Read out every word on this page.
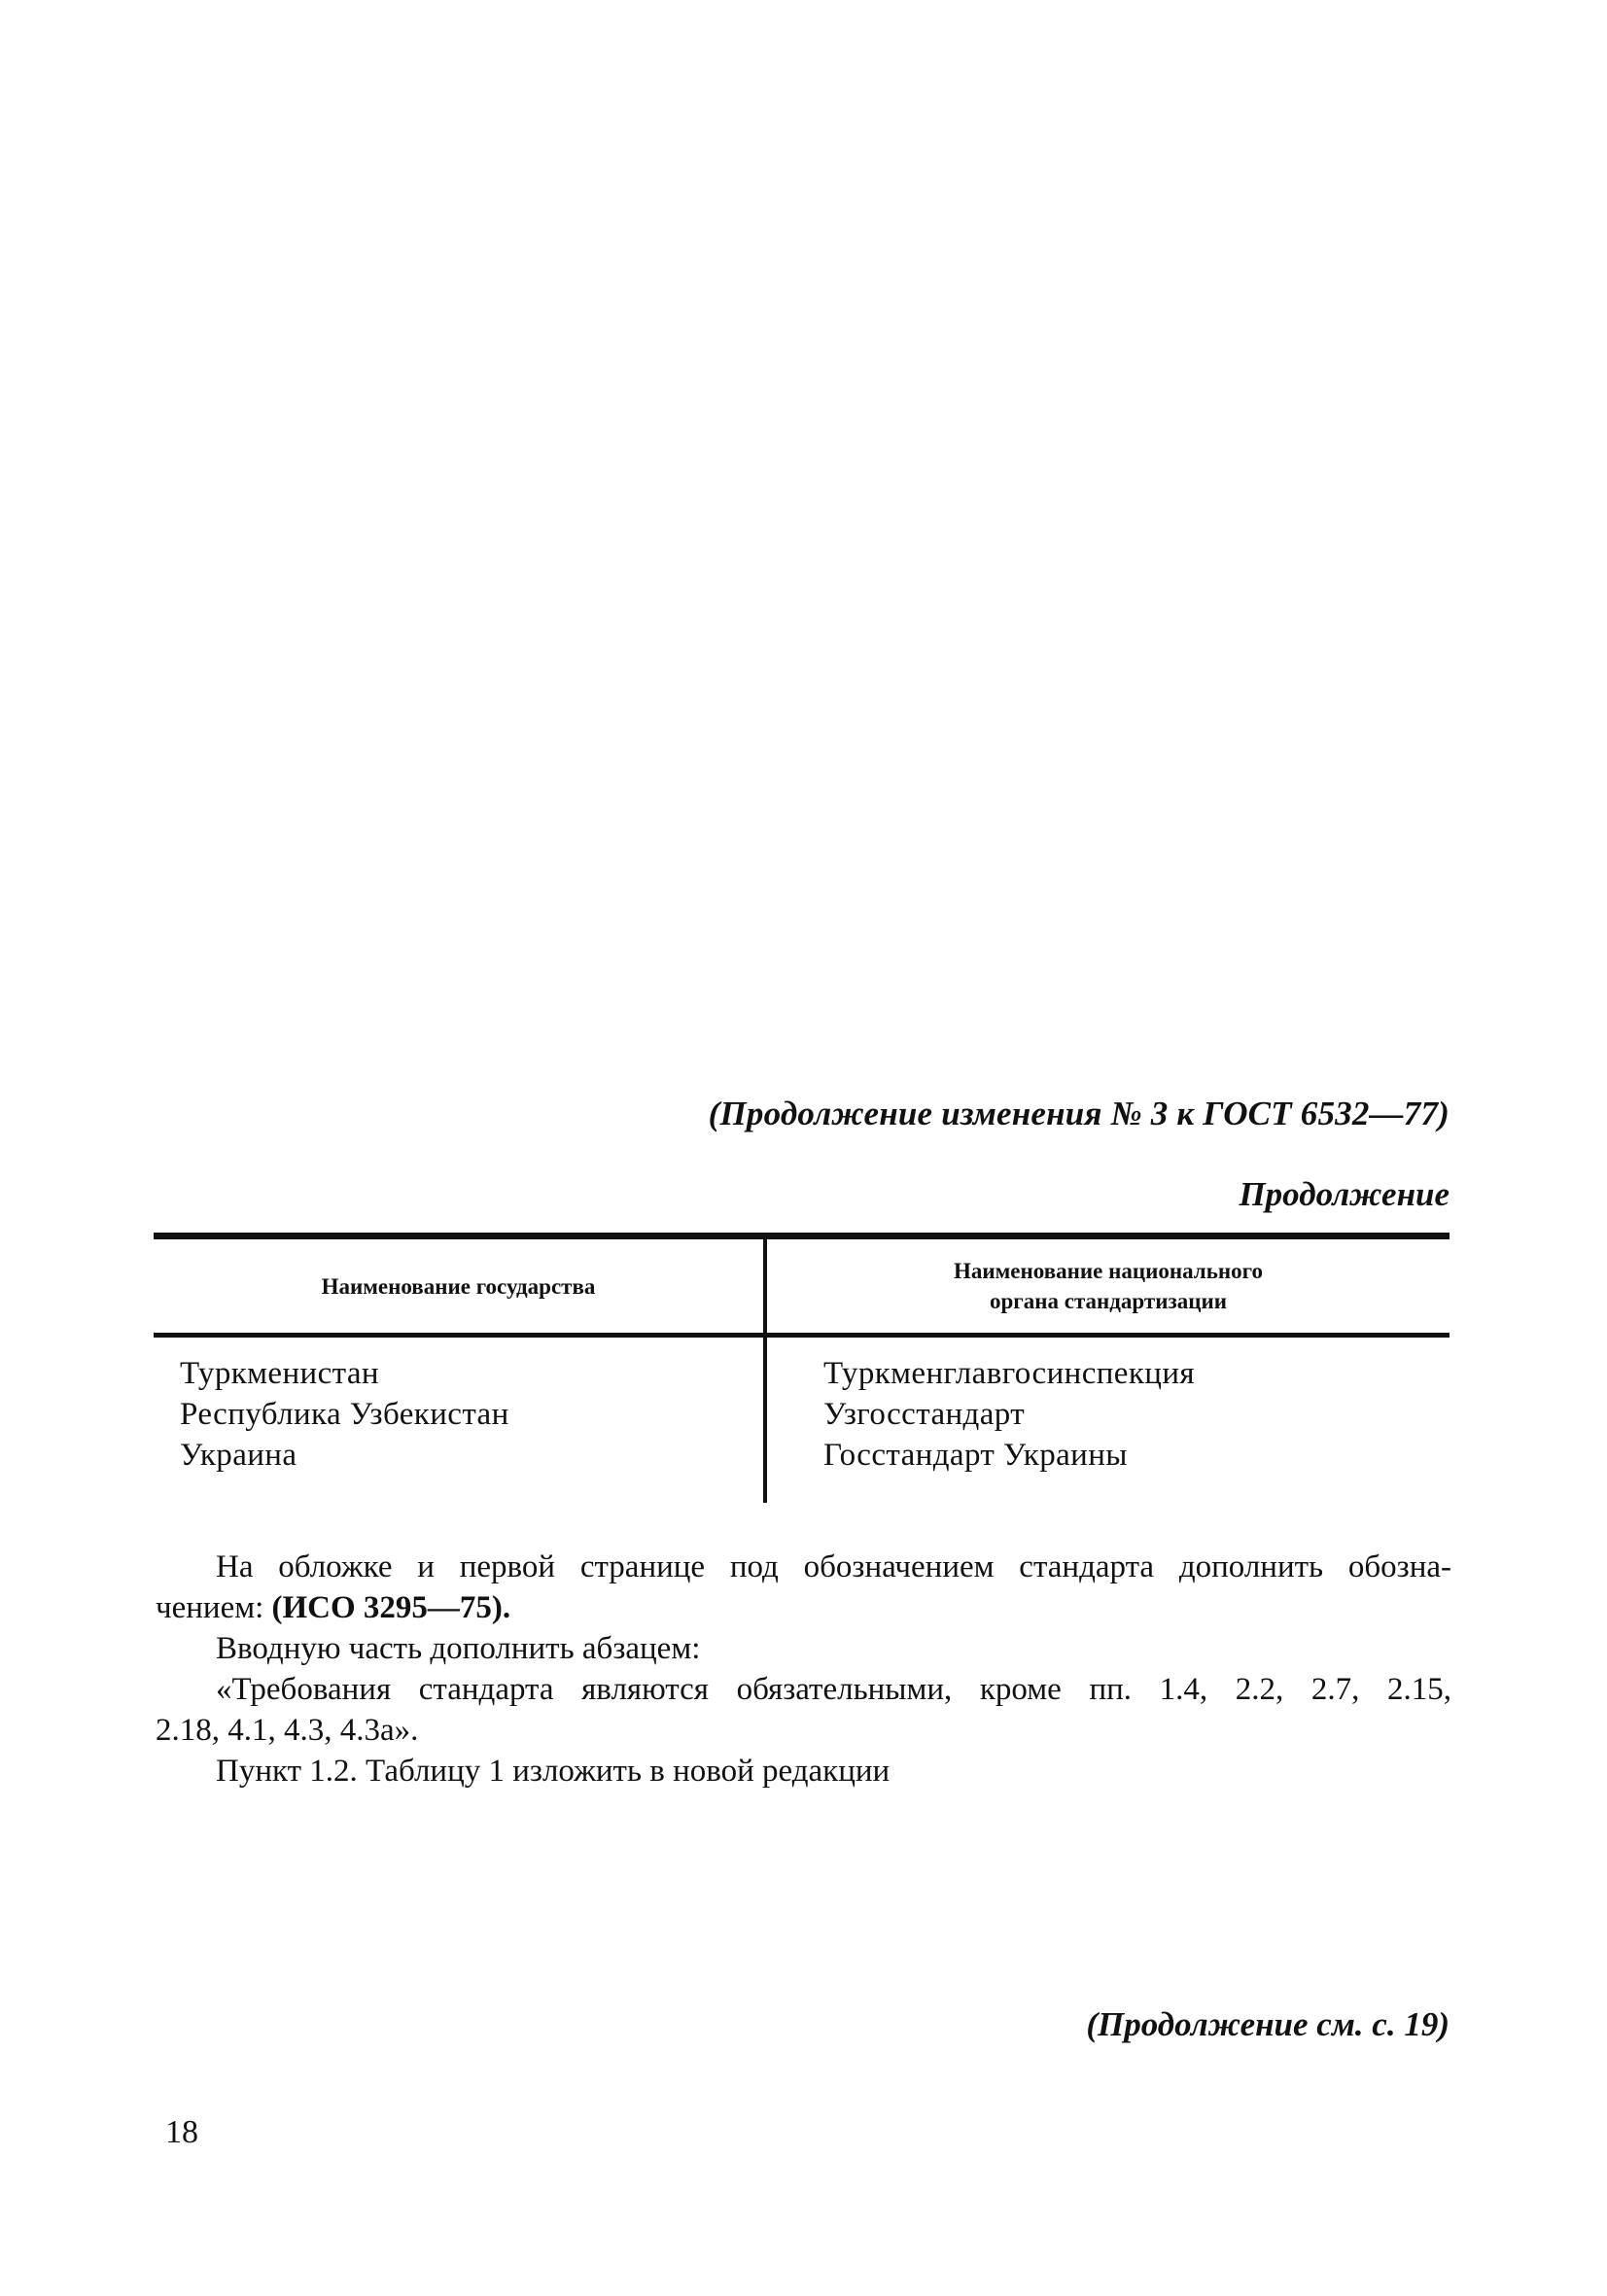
(Продолжение изменения № 3 к ГОСТ 6532—77)
Продолжение
Наименование государства
Наименование национального
органа стандартизации
Туркменистан
Республика Узбекистан
Украина
Туркменглавгосинспекция
Узгосстандарт
Госстандарт Украины
На обложке и первой странице под обозначением стандарта дополнить обозна-
чением: (ИСО 3295—75).
Вводную часть дополнить абзацем:
«Требования стандарта являются обязательными, кроме пп. 1.4, 2.2, 2.7, 2.15,
2.18, 4.1, 4.3, 4.3а».
Пункт 1.2. Таблицу 1 изложить в новой редакции
(Продолжение см. с. 19)
18
